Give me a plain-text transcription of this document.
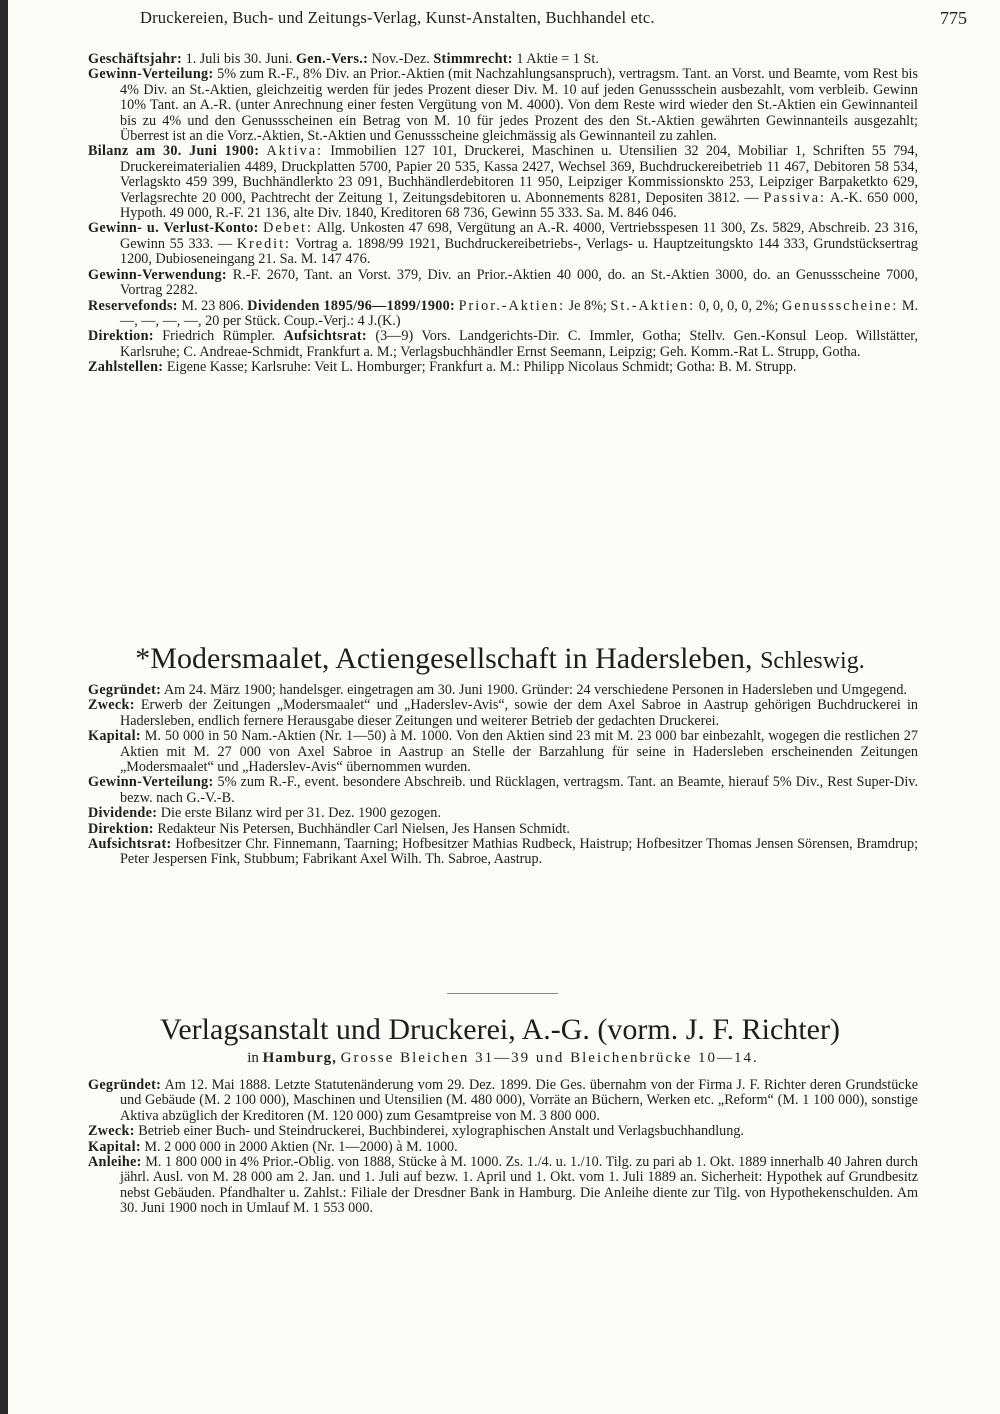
Druckereien, Buch- und Zeitungs-Verlag, Kunst-Anstalten, Buchhandel etc.	775

Geschäftsjahr: 1. Juli bis 30. Juni. Gen.-Vers.: Nov.-Dez. Stimmrecht: 1 Aktie = 1 St.

Gewinn-Verteilung: 5% zum R.-F., 8% Div. an Prior.-Aktien (mit Nachzahlungsanspruch), vertragsm. Tant. an Vorst. und Beamte, vom Rest bis 4% Div. an St.-Aktien, gleichzeitig werden für jedes Prozent dieser Div. M. 10 auf jeden Genussschein ausbezahlt, vom verbleib. Gewinn 10% Tant. an A.-R. (unter Anrechnung einer festen Vergütung von M. 4000). Von dem Reste wird wieder den St.-Aktien ein Gewinnanteil bis zu 4% und den Genussscheinen ein Betrag von M. 10 für jedes Prozent des den St.-Aktien gewährten Gewinnanteils ausgezahlt; Überrest ist an die Vorz.-Aktien, St.-Aktien und Genussscheine gleichmässig als Gewinnanteil zu zahlen.

Bilanz am 30. Juni 1900: Aktiva: Immobilien 127 101, Druckerei, Maschinen u. Utensilien 32 204, Mobiliar 1, Schriften 55 794, Druckereimaterialien 4489, Druckplatten 5700, Papier 20 535, Kassa 2427, Wechsel 369, Buchdruckereibetrieb 11 467, Debitoren 58 534, Verlagskto 459 399, Buchhändlerkto 23 091, Buchhändlerdebitoren 11 950, Leipziger Kommissionskto 253, Leipziger Barpaketkto 629, Verlagsrechte 20 000, Pachtrecht der Zeitung 1, Zeitungsdebitoren u. Abonnements 8281, Depositen 3812. — Passiva: A.-K. 650 000, Hypoth. 49 000, R.-F. 21 136, alte Div. 1840, Kreditoren 68 736, Gewinn 55 333. Sa. M. 846 046.

Gewinn- u. Verlust-Konto: Debet: Allg. Unkosten 47 698, Vergütung an A.-R. 4000, Vertriebsspesen 11 300, Zs. 5829, Abschreib. 23 316, Gewinn 55 333. — Kredit: Vortrag a. 1898/99 1921, Buchdruckereibetriebs-, Verlags- u. Hauptzeitungskto 144 333, Grundstücksertrag 1200, Dubioseneingang 21. Sa. M. 147 476.

Gewinn-Verwendung: R.-F. 2670, Tant. an Vorst. 379, Div. an Prior.-Aktien 40 000, do. an St.-Aktien 3000, do. an Genussscheine 7000, Vortrag 2282.

Reservefonds: M. 23 806. Dividenden 1895/96—1899/1900: Prior.-Aktien: Je 8%; St.-Aktien: 0, 0, 0, 0, 2%; Genussscheine: M. —, —, —, —, 20 per Stück. Coup.-Verj.: 4 J.(K.)

Direktion: Friedrich Rümpler. Aufsichtsrat: (3—9) Vors. Landgerichts-Dir. C. Immler, Gotha; Stellv. Gen.-Konsul Leop. Willstätter, Karlsruhe; C. Andreae-Schmidt, Frankfurt a. M.; Verlagsbuchhändler Ernst Seemann, Leipzig; Geh. Komm.-Rat L. Strupp, Gotha.

Zahlstellen: Eigene Kasse; Karlsruhe: Veit L. Homburger; Frankfurt a. M.: Philipp Nicolaus Schmidt; Gotha: B. M. Strupp.

*Modersmaalet, Actiengesellschaft in Hadersleben, Schleswig.

Gegründet: Am 24. März 1900; handelsger. eingetragen am 30. Juni 1900. Gründer: 24 verschiedene Personen in Hadersleben und Umgegend.

Zweck: Erwerb der Zeitungen „Modersmaalet“ und „Haderslev-Avis“, sowie der dem Axel Sabroe in Aastrup gehörigen Buchdruckerei in Hadersleben, endlich fernere Herausgabe dieser Zeitungen und weiterer Betrieb der gedachten Druckerei.

Kapital: M. 50 000 in 50 Nam.-Aktien (Nr. 1—50) à M. 1000. Von den Aktien sind 23 mit M. 23 000 bar einbezahlt, wogegen die restlichen 27 Aktien mit M. 27 000 von Axel Sabroe in Aastrup an Stelle der Barzahlung für seine in Hadersleben erscheinenden Zeitungen „Modersmaalet“ und „Haderslev-Avis“ übernommen wurden.

Gewinn-Verteilung: 5% zum R.-F., event. besondere Abschreib. und Rücklagen, vertragsm. Tant. an Beamte, hierauf 5% Div., Rest Super-Div. bezw. nach G.-V.-B.

Dividende: Die erste Bilanz wird per 31. Dez. 1900 gezogen.

Direktion: Redakteur Nis Petersen, Buchhändler Carl Nielsen, Jes Hansen Schmidt.

Aufsichtsrat: Hofbesitzer Chr. Finnemann, Taarning; Hofbesitzer Mathias Rudbeck, Haistrup; Hofbesitzer Thomas Jensen Sörensen, Bramdrup; Peter Jespersen Fink, Stubbum; Fabrikant Axel Wilh. Th. Sabroe, Aastrup.

Verlagsanstalt und Druckerei, A.-G. (vorm. J. F. Richter)
in Hamburg, Grosse Bleichen 31—39 und Bleichenbrücke 10—14.

Gegründet: Am 12. Mai 1888. Letzte Statutenänderung vom 29. Dez. 1899. Die Ges. übernahm von der Firma J. F. Richter deren Grundstücke und Gebäude (M. 2 100 000), Maschinen und Utensilien (M. 480 000), Vorräte an Büchern, Werken etc. „Reform“ (M. 1 100 000), sonstige Aktiva abzüglich der Kreditoren (M. 120 000) zum Gesamtpreise von M. 3 800 000.

Zweck: Betrieb einer Buch- und Steindruckerei, Buchbinderei, xylographischen Anstalt und Verlagsbuchhandlung.

Kapital: M. 2 000 000 in 2000 Aktien (Nr. 1—2000) à M. 1000.

Anleihe: M. 1 800 000 in 4% Prior.-Oblig. von 1888, Stücke à M. 1000. Zs. 1./4. u. 1./10. Tilg. zu pari ab 1. Okt. 1889 innerhalb 40 Jahren durch jährl. Ausl. von M. 28 000 am 2. Jan. und 1. Juli auf bezw. 1. April und 1. Okt. vom 1. Juli 1889 an. Sicherheit: Hypothek auf Grundbesitz nebst Gebäuden. Pfandhalter u. Zahlst.: Filiale der Dresdner Bank in Hamburg. Die Anleihe diente zur Tilg. von Hypothekenschulden. Am 30. Juni 1900 noch in Umlauf M. 1 553 000.
